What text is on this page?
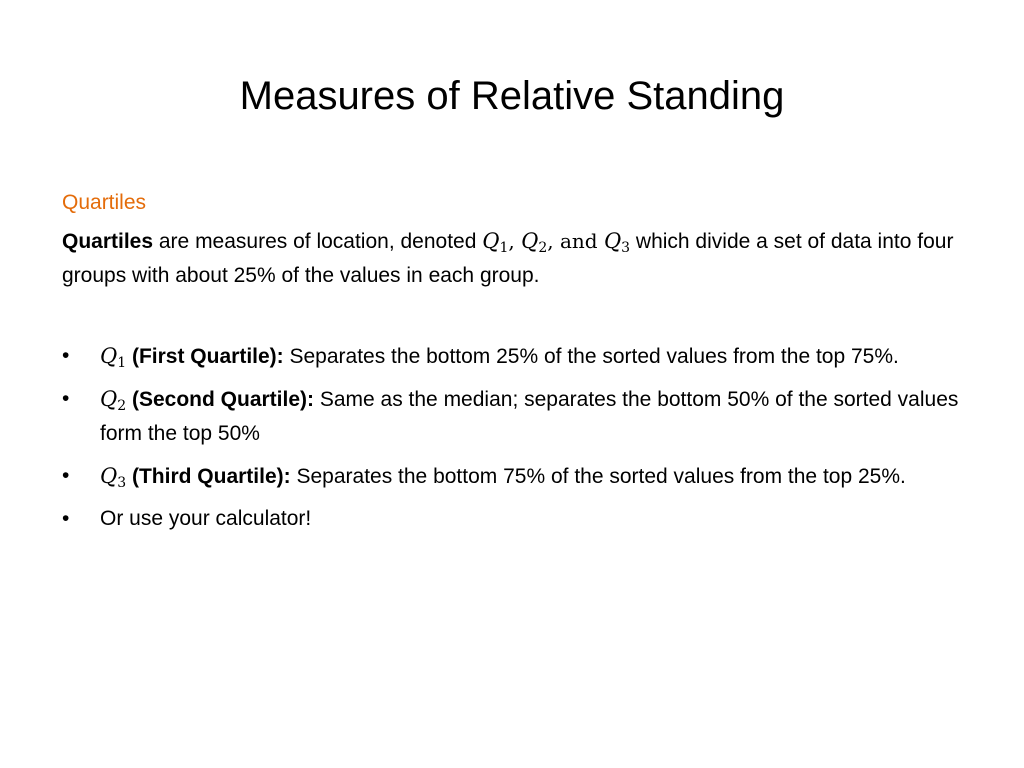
Measures of Relative Standing
Quartiles

Quartiles are measures of location, denoted $Q_1$, $Q_2$, and $Q_3$ which divide a set of data into four groups with about 25% of the values in each group.

• $Q_1$ (First Quartile): Separates the bottom 25% of the sorted values from the top 75%.
• $Q_2$ (Second Quartile): Same as the median; separates the bottom 50% of the sorted values form the top 50%
• $Q_3$ (Third Quartile): Separates the bottom 75% of the sorted values from the top 25%.
• Or use your calculator!
